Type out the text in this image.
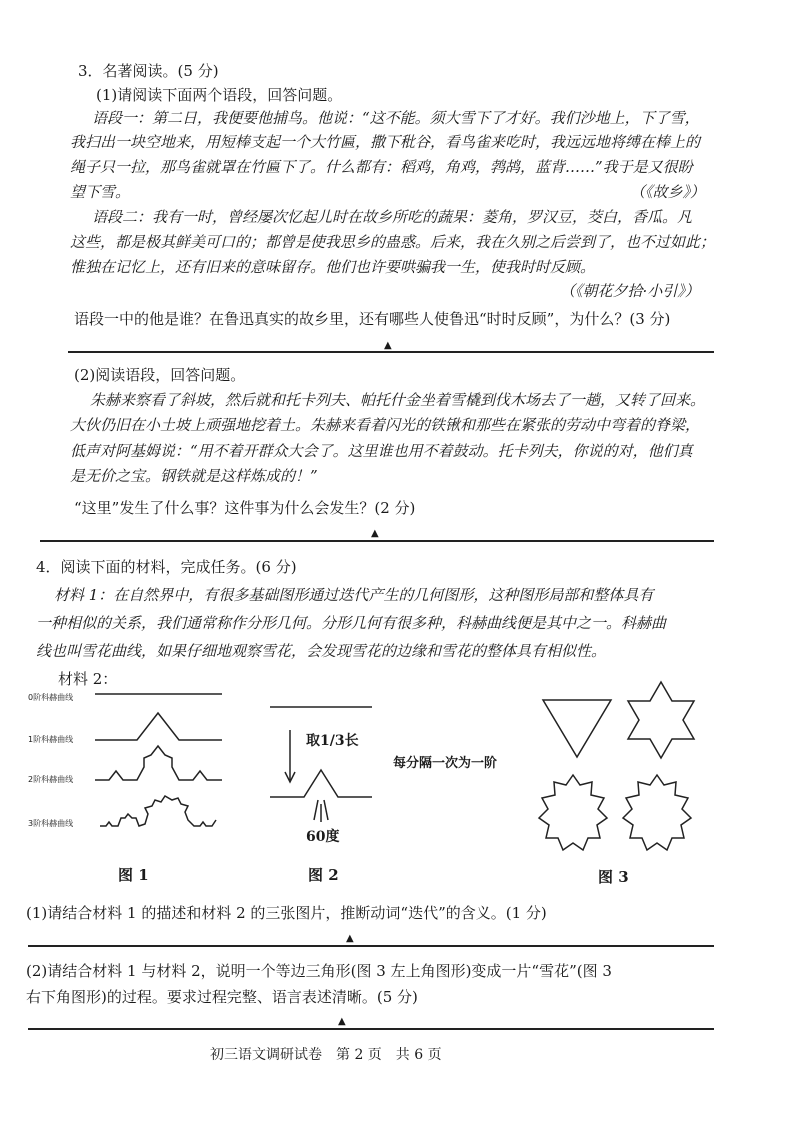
3．名著阅读。(5 分)
(1)请阅读下面两个语段，回答问题。
语段一：第二日，我便要他捕鸟。他说：“这不能。须大雪下了才好。我们沙地上，下了雪，
我扫出一块空地来，用短棒支起一个大竹匾，撒下秕谷，看鸟雀来吃时，我远远地将缚在棒上的
绳子只一拉，那鸟雀就罩在竹匾下了。什么都有：稻鸡，角鸡，鹁鸪，蓝背……”我于是又很盼
望下雪。	（《故乡》）
语段二：我有一时，曾经屡次忆起儿时在故乡所吃的蔬果：菱角，罗汉豆，茭白，香瓜。凡
这些，都是极其鲜美可口的；都曾是使我思乡的蛊惑。后来，我在久别之后尝到了，也不过如此；
惟独在记忆上，还有旧来的意味留存。他们也许要哄骗我一生，使我时时反顾。
（《朝花夕拾·小引》）
语段一中的他是谁？在鲁迅真实的故乡里，还有哪些人使鲁迅“时时反顾”，为什么？(3 分)
▲
(2)阅读语段，回答问题。
朱赫来察看了斜坡，然后就和托卡列夫、帕托什金坐着雪橇到伐木场去了一趟，又转了回来。
大伙仍旧在小土坡上顽强地挖着土。朱赫来看着闪光的铁锹和那些在紧张的劳动中弯着的脊梁，
低声对阿基姆说：“用不着开群众大会了。这里谁也用不着鼓动。托卡列夫，你说的对，他们真
是无价之宝。钢铁就是这样炼成的！”
“这里”发生了什么事？这件事为什么会发生？(2 分)
▲
4．阅读下面的材料，完成任务。(6 分)
材料 1：在自然界中，有很多基础图形通过迭代产生的几何图形，这种图形局部和整体具有
一种相似的关系，我们通常称作分形几何。分形几何有很多种，科赫曲线便是其中之一。科赫曲
线也叫雪花曲线，如果仔细地观察雪花，会发现雪花的边缘和雪花的整体具有相似性。
材料 2：
0阶科赫曲线
1阶科赫曲线
2阶科赫曲线
3阶科赫曲线
取1/3长
60度
每分隔一次为一阶
图 1	图 2	图 3
(1)请结合材料 1 的描述和材料 2 的三张图片，推断动词“迭代”的含义。(1 分)
▲
(2)请结合材料 1 与材料 2，说明一个等边三角形(图 3 左上角图形)变成一片“雪花”(图 3
右下角图形)的过程。要求过程完整、语言表述清晰。(5 分)
▲
初三语文调研试卷　第 2 页　共 6 页
